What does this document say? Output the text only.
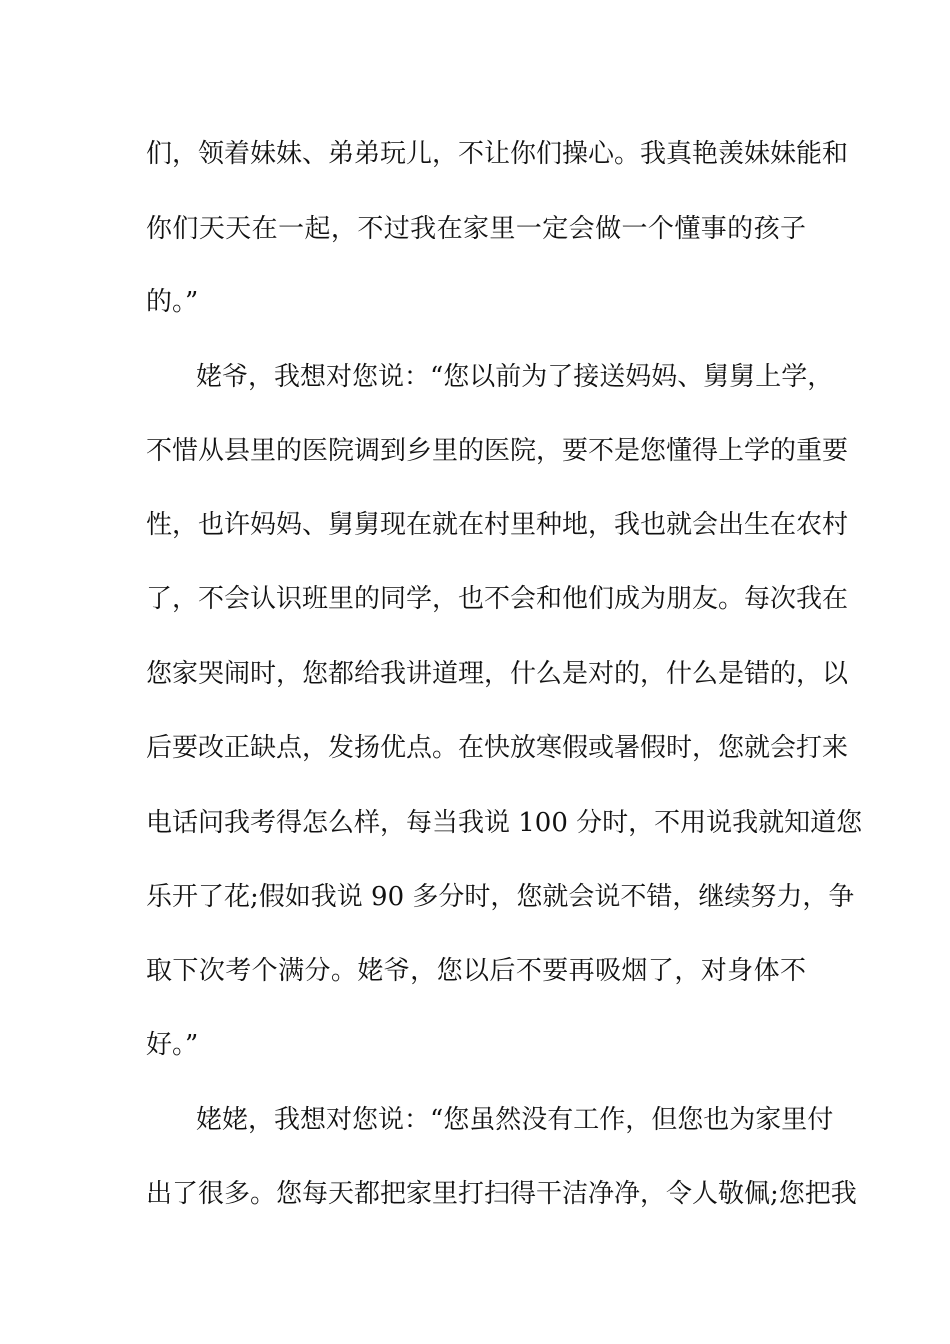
们，领着妹妹、弟弟玩儿，不让你们操心。我真艳羡妹妹能和
你们天天在一起，不过我在家里一定会做一个懂事的孩子
的。”
姥爷，我想对您说：“您以前为了接送妈妈、舅舅上学，
不惜从县里的医院调到乡里的医院，要不是您懂得上学的重要
性，也许妈妈、舅舅现在就在村里种地，我也就会出生在农村
了，不会认识班里的同学，也不会和他们成为朋友。每次我在
您家哭闹时，您都给我讲道理，什么是对的，什么是错的，以
后要改正缺点，发扬优点。在快放寒假或暑假时，您就会打来
电话问我考得怎么样，每当我说 100 分时，不用说我就知道您
乐开了花;假如我说 90 多分时，您就会说不错，继续努力，争
取下次考个满分。姥爷，您以后不要再吸烟了，对身体不
好。”
姥姥，我想对您说：“您虽然没有工作，但您也为家里付
出了很多。您每天都把家里打扫得干洁净净，令人敬佩;您把我
